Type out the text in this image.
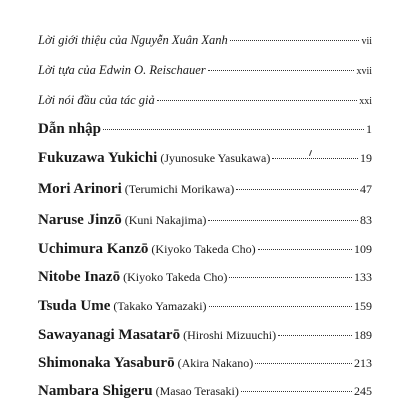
Lời giới thiệu của Nguyễn Xuân Xanh	vii
Lời tựa của Edwin O. Reischauer	xvii
Lời nói đầu của tác giả	xxi
Dẫn nhập	1
Fukuzawa Yukichi (Jyunosuke Yasukawa)	19
Mori Arinori (Terumichi Morikawa)	47
Naruse Jinzō (Kuni Nakajima)	83
Uchimura Kanzō (Kiyoko Takeda Cho)	109
Nitobe Inazō (Kiyoko Takeda Cho)	133
Tsuda Ume (Takako Yamazaki)	159
Sawayanagi Masatarō (Hiroshi Mizuuchi)	189
Shimonaka Yasaburō (Akira Nakano)	213
Nambara Shigeru (Masao Terasaki)	245
